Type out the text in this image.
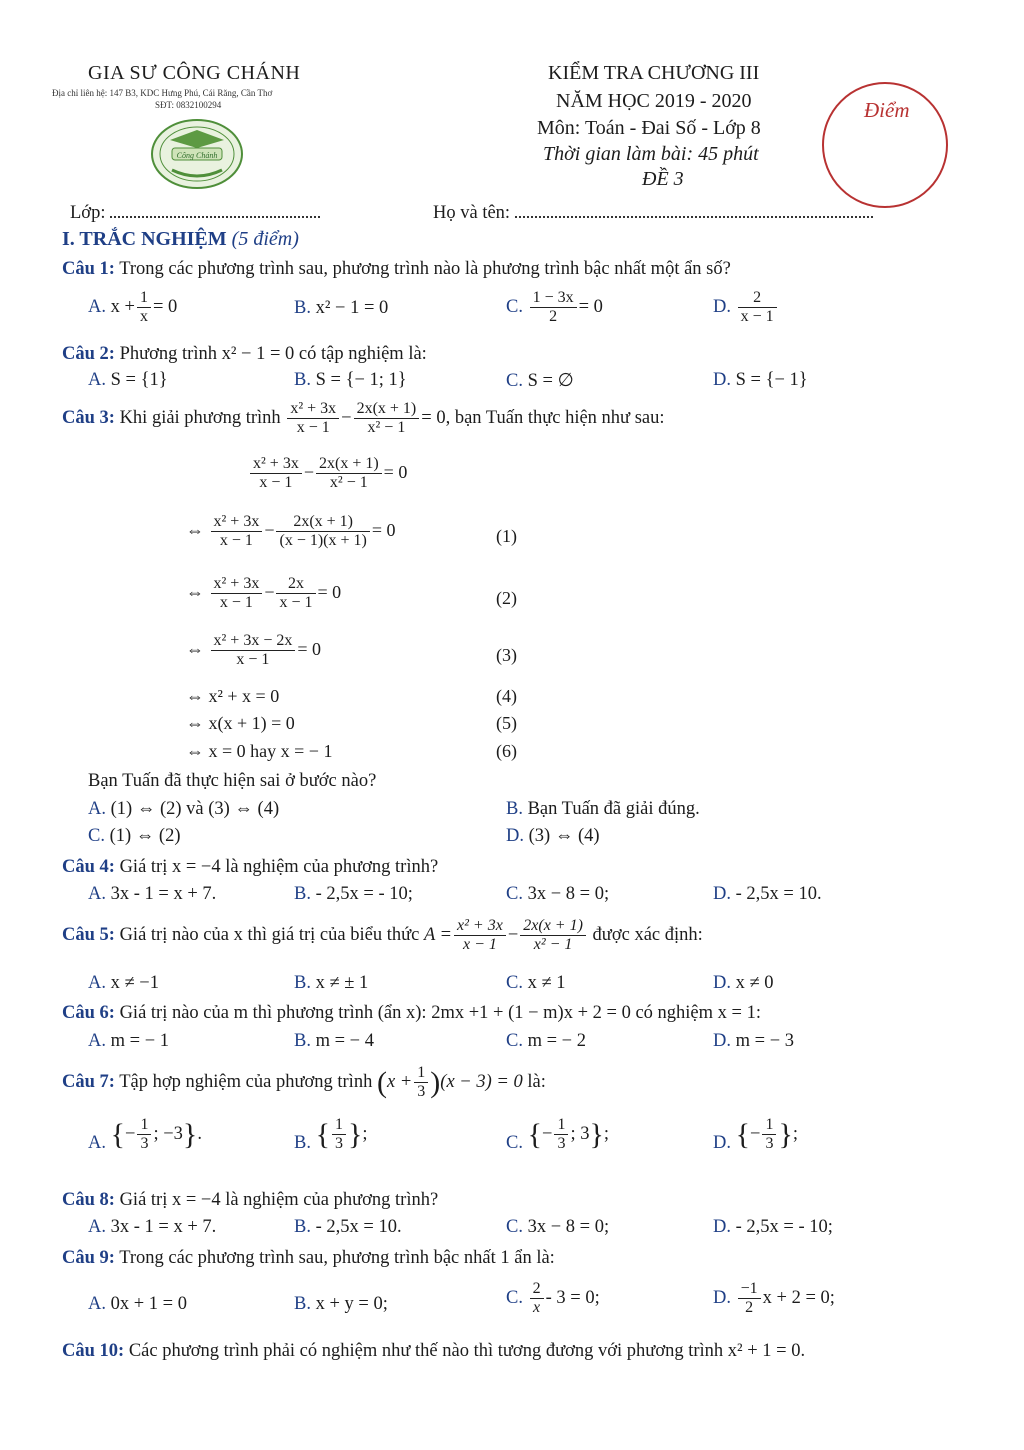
GIA SƯ CÔNG CHÁNH
Địa chỉ liên hệ: 147 B3, KDC Hưng Phú, Cái Răng, Cần Thơ
SĐT: 0832100294
Công Chánh
KIỂM TRA CHƯƠNG III
NĂM HỌC 2019 - 2020
Môn: Toán - Đai Số - Lớp 8
Thời gian làm bài: 45 phút
ĐỀ 3
Điểm
Lớp:	Họ và tên:
I. TRẮC NGHIỆM (5 điểm)
Câu 1: Trong các phương trình sau, phương trình nào là phương trình bậc nhất một ẩn số?
A. $x + \frac{1}{x} = 0$	B. x² − 1 = 0	C. $\frac{1 - 3x}{2} = 0$	D. $\frac{2}{x - 1}$
Câu 2: Phương trình x² − 1 = 0 có tập nghiệm là:
A. S = {1}	B. S = {− 1; 1}	C. S = ∅	D. S = {− 1}
Câu 3: Khi giải phương trình $\frac{\text{x² + 3x}}{x - 1} - \frac{2x(x + 1)}{\text{x² − 1}} = 0$, bạn Tuấn thực hiện như sau:
$\frac{\text{x² + 3x}}{x - 1} - \frac{2x(x + 1)}{\text{x² − 1}} = 0$
⇔ $\frac{\text{x² + 3x}}{x - 1} - \frac{2x(x + 1)}{(x - 1)(x + 1)} = 0$	(1)
⇔ $\frac{\text{x² + 3x}}{x - 1} - \frac{2x}{x - 1} = 0$	(2)
⇔ $\frac{\text{x² + 3x − 2x}}{x - 1} = 0$	(3)
⇔ x² + x = 0	(4)
⇔ x(x + 1) = 0	(5)
⇔ x = 0 hay x = − 1	(6)
Bạn Tuấn đã thực hiện sai ở bước nào?
A. (1) ⇔ (2) và (3) ⇔ (4)	B. Bạn Tuấn đã giải đúng.
C. (1) ⇔ (2)	D. (3) ⇔ (4)
Câu 4: Giá trị x = −4 là nghiệm của phương trình?
A. 3x - 1 = x + 7.	B. - 2,5x = - 10;	C. 3x − 8 = 0;	D. - 2,5x = 10.
Câu 5: Giá trị nào của x thì giá trị của biểu thức $A = \frac{\text{x² + 3x}}{x - 1} - \frac{2x(x + 1)}{\text{x² − 1}}$ được xác định:
A. x ≠ −1	B. x ≠ ± 1	C. x ≠ 1	D. x ≠ 0
Câu 6: Giá trị nào của m thì phương trình (ẩn x): 2mx +1 + (1 − m)x + 2 = 0 có nghiệm x = 1:
A. m = − 1	B. m = − 4	C. m = − 2	D. m = − 3
Câu 7: Tập hợp nghiệm của phương trình $(x + \frac{1}{3} )(x - 3) = 0$ là:
A. {− $\frac{1}{3}$ ; −3}.	B. { $\frac{1}{3}$ };	C. {− $\frac{1}{3}$ ; 3};	D. {− $\frac{1}{3}$ };
Câu 8: Giá trị x = −4 là nghiệm của phương trình?
A. 3x - 1 = x + 7.	B. - 2,5x = 10.	C. 3x − 8 = 0;	D. - 2,5x = - 10;
Câu 9: Trong các phương trình sau, phương trình bậc nhất 1 ẩn là:
A. 0x + 1 = 0	B. x + y = 0;	C. $\frac{2}{x} - 3 = 0$;	D. $\frac{-1}{2}$ x + 2 = 0;
Câu 10: Các phương trình phải có nghiệm như thế nào thì tương đương với phương trình x² + 1 = 0.
